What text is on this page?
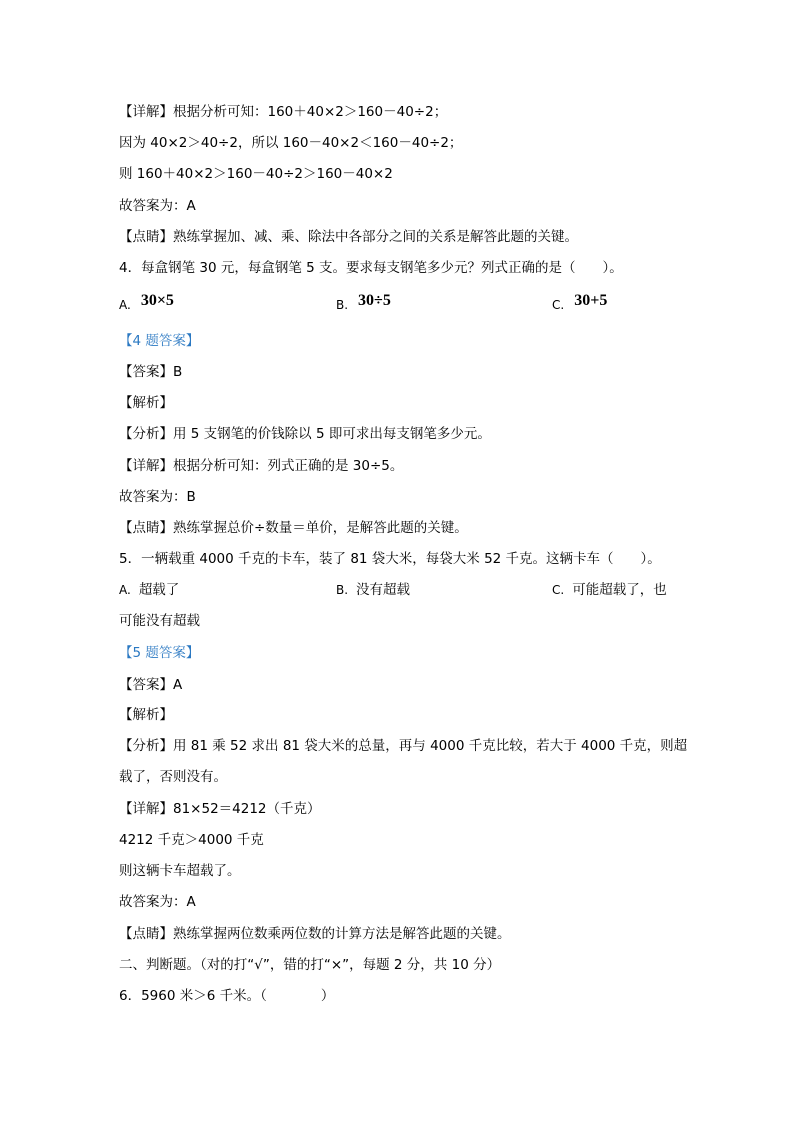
【详解】根据分析可知：160＋40×2＞160－40÷2；
因为 40×2＞40÷2，所以 160－40×2＜160－40÷2；
则 160＋40×2＞160－40÷2＞160－40×2
故答案为：A
【点睛】熟练掌握加、减、乘、除法中各部分之间的关系是解答此题的关键。
4．每盒钢笔 30 元，每盒钢笔 5 支。要求每支钢笔多少元？列式正确的是（　　）。
A. 30×5	B. 30÷5	C. 30+5
【4 题答案】
【答案】B
【解析】
【分析】用 5 支钢笔的价钱除以 5 即可求出每支钢笔多少元。
【详解】根据分析可知：列式正确的是 30÷5。
故答案为：B
【点睛】熟练掌握总价÷数量＝单价，是解答此题的关键。
5．一辆载重 4000 千克的卡车，装了 81 袋大米，每袋大米 52 千克。这辆卡车（　　）。
A. 超载了	B. 没有超载	C. 可能超载了，也
可能没有超载
【5 题答案】
【答案】A
【解析】
【分析】用 81 乘 52 求出 81 袋大米的总量，再与 4000 千克比较，若大于 4000 千克，则超
载了，否则没有。
【详解】81×52＝4212（千克）
4212 千克＞4000 千克
则这辆卡车超载了。
故答案为：A
【点睛】熟练掌握两位数乘两位数的计算方法是解答此题的关键。
二、判断题。（对的打“√”，错的打“×”，每题 2 分，共 10 分）
6．5960 米＞6 千米。（　　　　）
